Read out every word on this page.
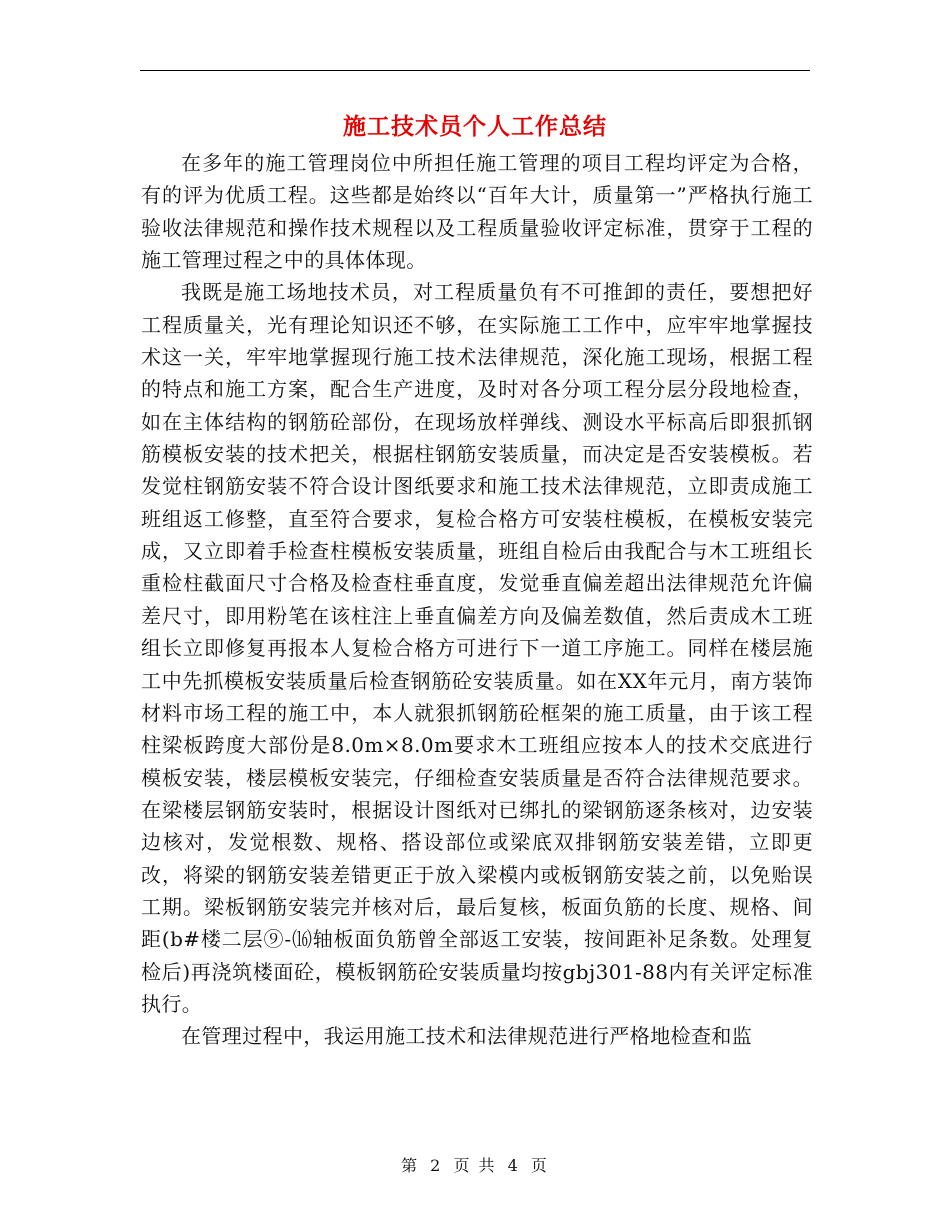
施工技术员个人工作总结

在多年的施工管理岗位中所担任施工管理的项目工程均评定为合格，有的评为优质工程。这些都是始终以“百年大计，质量第一”严格执行施工验收法律规范和操作技术规程以及工程质量验收评定标准，贯穿于工程的施工管理过程之中的具体体现。

我既是施工场地技术员，对工程质量负有不可推卸的责任，要想把好工程质量关，光有理论知识还不够，在实际施工工作中，应牢牢地掌握技术这一关，牢牢地掌握现行施工技术法律规范，深化施工现场，根据工程的特点和施工方案，配合生产进度，及时对各分项工程分层分段地检查，如在主体结构的钢筋砼部份，在现场放样弹线、测设水平标高后即狠抓钢筋模板安装的技术把关，根据柱钢筋安装质量，而决定是否安装模板。若发觉柱钢筋安装不符合设计图纸要求和施工技术法律规范，立即责成施工班组返工修整，直至符合要求，复检合格方可安装柱模板，在模板安装完成，又立即着手检查柱模板安装质量，班组自检后由我配合与木工班组长重检柱截面尺寸合格及检查柱垂直度，发觉垂直偏差超出法律规范允许偏差尺寸，即用粉笔在该柱注上垂直偏差方向及偏差数值，然后责成木工班组长立即修复再报本人复检合格方可进行下一道工序施工。同样在楼层施工中先抓模板安装质量后检查钢筋砼安装质量。如在XX年元月，南方装饰材料市场工程的施工中，本人就狠抓钢筋砼框架的施工质量，由于该工程柱梁板跨度大部份是8.0m×8.0m要求木工班组应按本人的技术交底进行模板安装，楼层模板安装完，仔细检查安装质量是否符合法律规范要求。在梁楼层钢筋安装时，根据设计图纸对已绑扎的梁钢筋逐条核对，边安装边核对，发觉根数、规格、搭设部位或梁底双排钢筋安装差错，立即更改，将梁的钢筋安装差错更正于放入梁模内或板钢筋安装之前，以免贻误工期。梁板钢筋安装完并核对后，最后复核，板面负筋的长度、规格、间距(b#楼二层⑨-⒃轴板面负筋曾全部返工安装，按间距补足条数。处理复检后)再浇筑楼面砼，模板钢筋砼安装质量均按gbj301-88内有关评定标准执行。

在管理过程中，我运用施工技术和法律规范进行严格地检查和监

第 2 页 共 4 页
